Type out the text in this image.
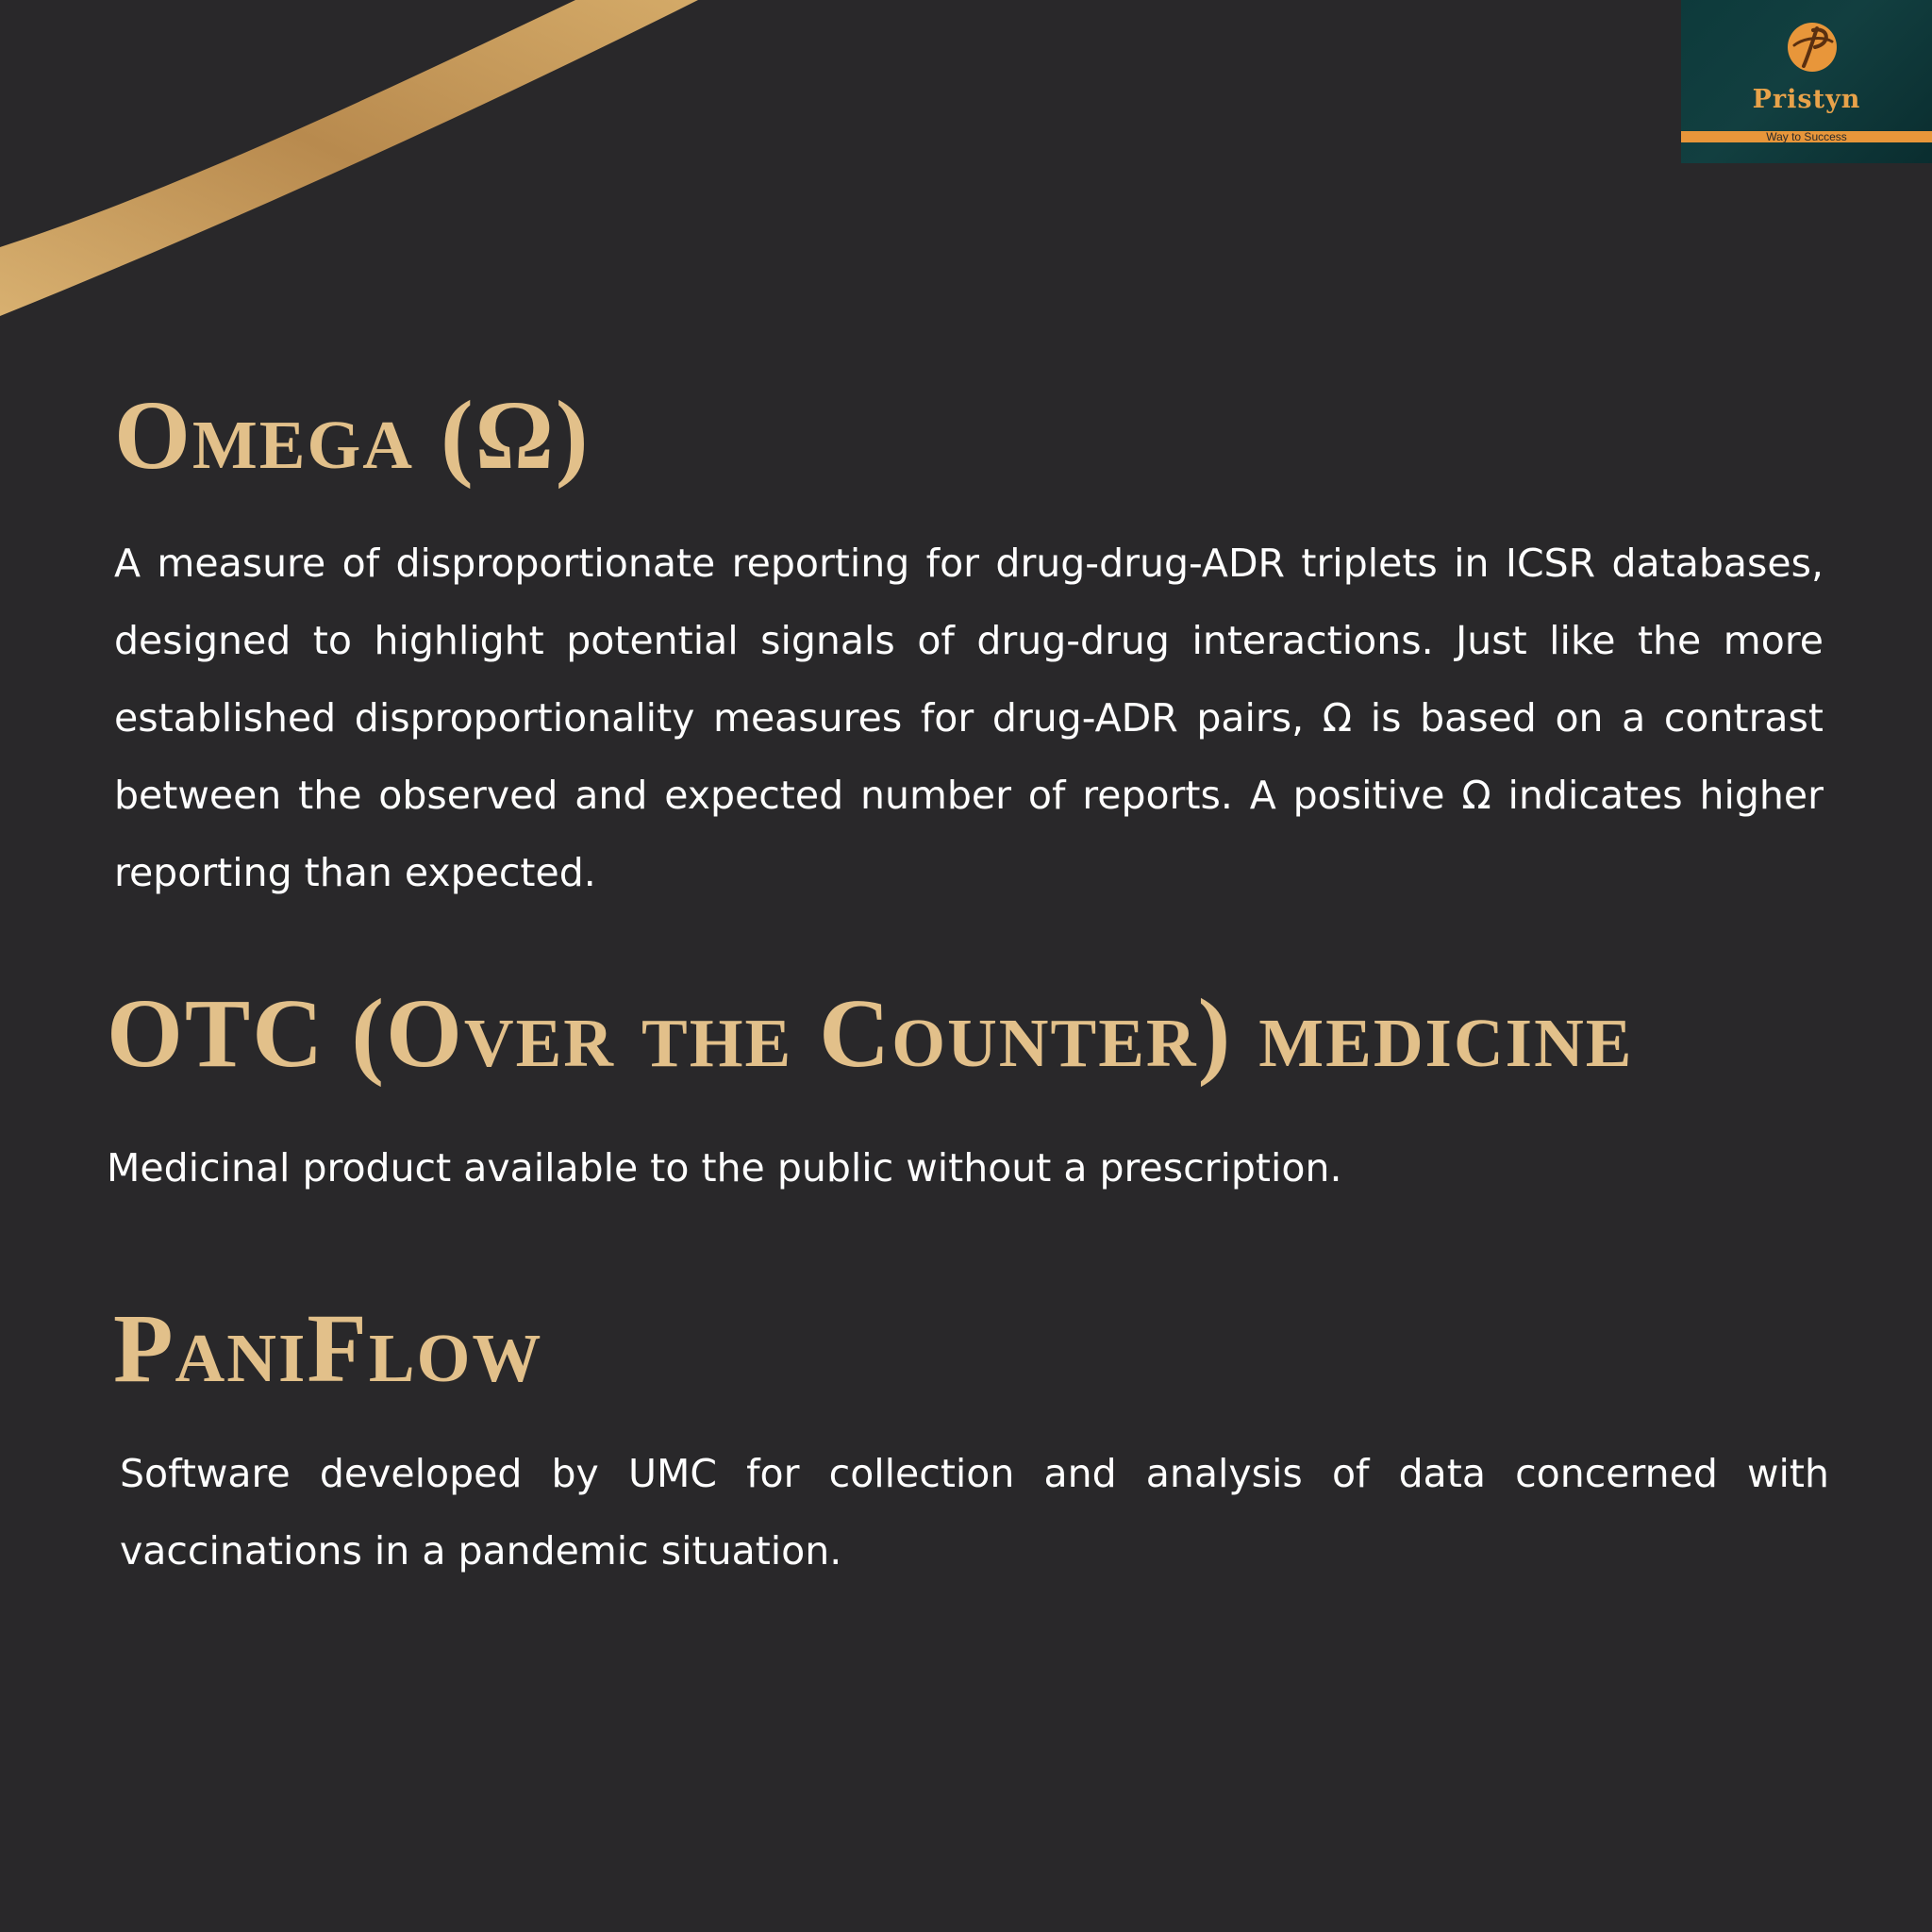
Pristyn
Way to Success
Omega (Ω)

A measure of disproportionate reporting for drug-drug-ADR triplets in ICSR databases, designed to highlight potential signals of drug-drug interactions. Just like the more established disproportionality measures for drug-ADR pairs, Ω is based on a contrast between the observed and expected number of reports. A positive Ω indicates higher reporting than expected.

OTC (Over the Counter) medicine

Medicinal product available to the public without a prescription.

PaniFlow

Software developed by UMC for collection and analysis of data concerned with vaccinations in a pandemic situation.
